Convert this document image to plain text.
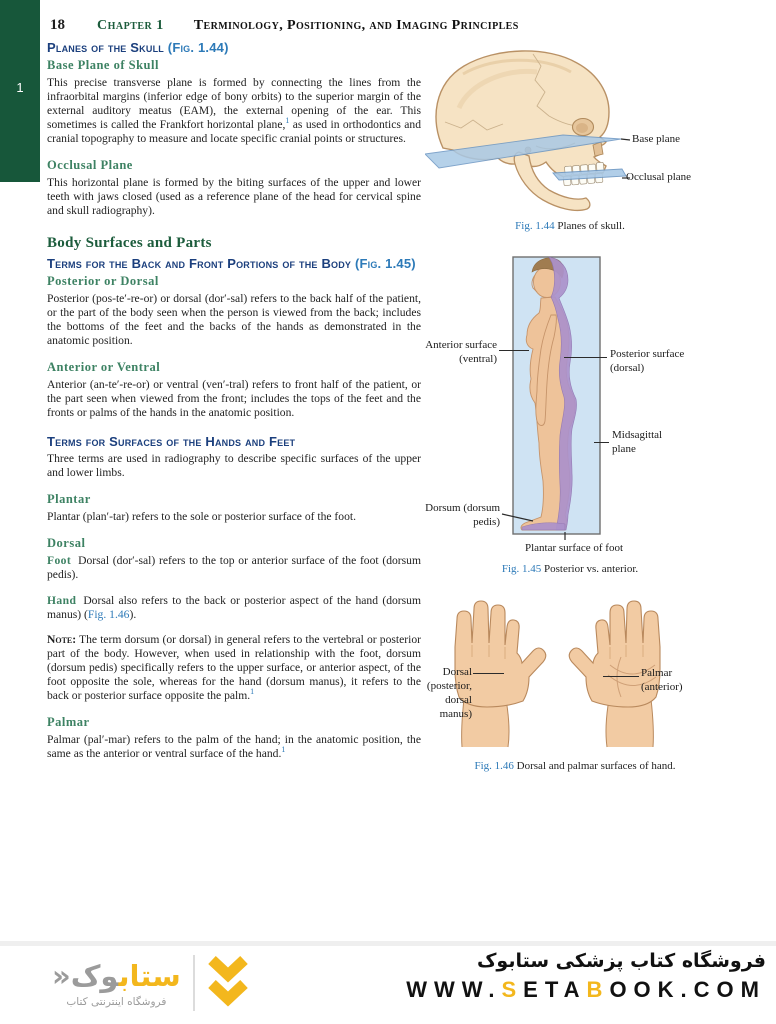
1
18 Chapter 1 Terminology, Positioning, and Imaging Principles
Planes of the Skull (Fig. 1.44)
Base Plane of Skull

This precise transverse plane is formed by connecting the lines from the infraorbital margins (inferior edge of bony orbits) to the superior margin of the external auditory meatus (EAM), the external opening of the ear. This sometimes is called the Frankfort horizontal plane,$^1$ as used in orthodontics and cranial topography to measure and locate specific cranial points or structures.

Occlusal Plane

This horizontal plane is formed by the biting surfaces of the upper and lower teeth with jaws closed (used as a reference plane of the head for cervical spine and skull radiography).

Body Surfaces and Parts
Terms for the Back and Front Portions of the Body (Fig. 1.45)
Posterior or Dorsal

Posterior (pos-te′-re-or) or dorsal (dor′-sal) refers to the back half of the patient, or the part of the body seen when the person is viewed from the back; includes the bottoms of the feet and the backs of the hands as demonstrated in the anatomic position.

Anterior or Ventral

Anterior (an-te′-re-or) or ventral (ven′-tral) refers to front half of the patient, or the part seen when viewed from the front; includes the tops of the feet and the fronts or palms of the hands in the anatomic position.

Terms for Surfaces of the Hands and Feet

Three terms are used in radiography to describe specific surfaces of the upper and lower limbs.

Plantar

Plantar (plan′-tar) refers to the sole or posterior surface of the foot.

Dorsal

Foot Dorsal (dor′-sal) refers to the top or anterior surface of the foot (dorsum pedis).

Hand Dorsal also refers to the back or posterior aspect of the hand (dorsum manus) (Fig. 1.46).

Note: The term dorsum (or dorsal) in general refers to the vertebral or posterior part of the body. However, when used in relationship with the foot, dorsum (dorsum pedis) specifically refers to the upper surface, or anterior aspect, of the foot opposite the sole, whereas for the hand (dorsum manus), it refers to the back or posterior surface opposite the palm.$^1$

Palmar

Palmar (pal′-mar) refers to the palm of the hand; in the anatomic position, the same as the anterior or ventral surface of the hand.$^1$

Base plane
Occlusal plane
Fig. 1.44 Planes of skull.
Anterior surface
(ventral)	Posterior surface
(dorsal)
Midsagittal
plane
Dorsum (dorsum
pedis)
Plantar surface of foot
Fig. 1.45 Posterior vs. anterior.
Dorsal
(posterior,
dorsal
manus)
Palmar
(anterior)
Fig. 1.46 Dorsal and palmar surfaces of hand.
ستابوک«
فروشگاه اینترنتی کتاب
فروشگاه کتاب پزشکی ستابوک
WWW.SETABOOK.COM
